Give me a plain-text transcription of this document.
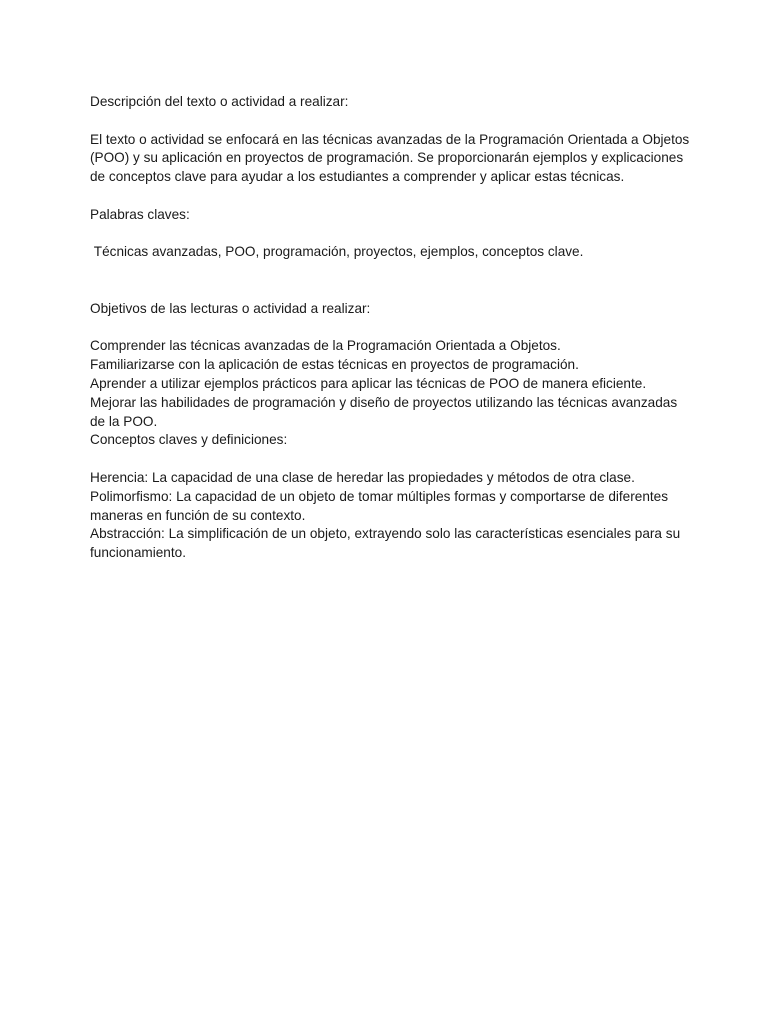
Descripción del texto o actividad a realizar:

El texto o actividad se enfocará en las técnicas avanzadas de la Programación Orientada a Objetos (POO) y su aplicación en proyectos de programación. Se proporcionarán ejemplos y explicaciones de conceptos clave para ayudar a los estudiantes a comprender y aplicar estas técnicas.

Palabras claves:

Técnicas avanzadas, POO, programación, proyectos, ejemplos, conceptos clave.

Objetivos de las lecturas o actividad a realizar:

Comprender las técnicas avanzadas de la Programación Orientada a Objetos.

Familiarizarse con la aplicación de estas técnicas en proyectos de programación.

Aprender a utilizar ejemplos prácticos para aplicar las técnicas de POO de manera eficiente.

Mejorar las habilidades de programación y diseño de proyectos utilizando las técnicas avanzadas de la POO.

Conceptos claves y definiciones:

Herencia: La capacidad de una clase de heredar las propiedades y métodos de otra clase.

Polimorfismo: La capacidad de un objeto de tomar múltiples formas y comportarse de diferentes maneras en función de su contexto.

Abstracción: La simplificación de un objeto, extrayendo solo las características esenciales para su funcionamiento.
